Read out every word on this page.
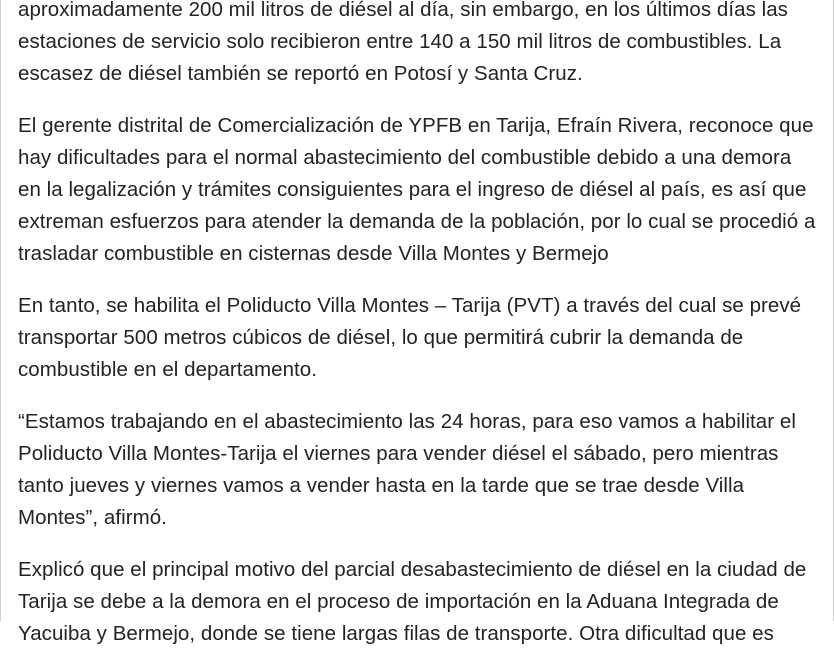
aproximadamente 200 mil litros de diésel al día, sin embargo, en los últimos días las estaciones de servicio solo recibieron entre 140 a 150 mil litros de combustibles. La escasez de diésel también se reportó en Potosí y Santa Cruz.

El gerente distrital de Comercialización de YPFB en Tarija, Efraín Rivera, reconoce que hay dificultades para el normal abastecimiento del combustible debido a una demora en la legalización y trámites consiguientes para el ingreso de diésel al país, es así que extreman esfuerzos para atender la demanda de la población, por lo cual se procedió a trasladar combustible en cisternas desde Villa Montes y Bermejo

En tanto, se habilita el Poliducto Villa Montes – Tarija (PVT) a través del cual se prevé transportar 500 metros cúbicos de diésel, lo que permitirá cubrir la demanda de combustible en el departamento.

“Estamos trabajando en el abastecimiento las 24 horas, para eso vamos a habilitar el Poliducto Villa Montes-Tarija el viernes para vender diésel el sábado, pero mientras tanto jueves y viernes vamos a vender hasta en la tarde que se trae desde Villa Montes”, afirmó.

Explicó que el principal motivo del parcial desabastecimiento de diésel en la ciudad de Tarija se debe a la demora en el proceso de importación en la Aduana Integrada de Yacuiba y Bermejo, donde se tiene largas filas de transporte. Otra dificultad que es
